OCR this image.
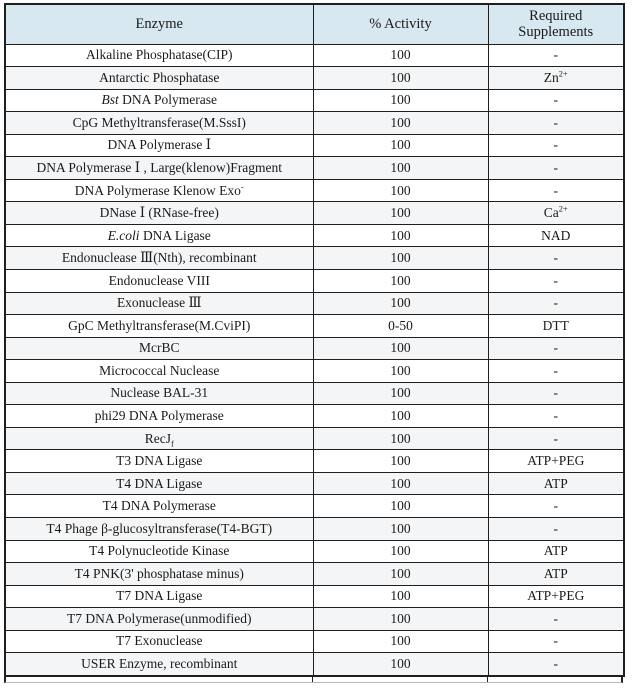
Enzyme	% Activity	Required Supplements
Alkaline Phosphatase(CIP)	100	-
Antarctic Phosphatase	100	$Zn^{2+}$
Bst DNA Polymerase	100	-
CpG Methyltransferase(M.SssI)	100	-
DNA Polymerase Ⅰ	100	-
DNA Polymerase Ⅰ , Large(klenow)Fragment	100	-
DNA Polymerase Klenow Exo-	100	-
DNase Ⅰ (RNase-free)	100	$Ca^{2+}$
E.coli DNA Ligase	100	NAD
Endonuclease Ⅲ(Nth), recombinant	100	-
Endonuclease VIII	100	-
Exonuclease Ⅲ	100	-
GpC Methyltransferase(M.CviPI)	0-50	DTT
McrBC	100	-
Micrococcal Nuclease	100	-
Nuclease BAL-31	100	-
phi29 DNA Polymerase	100	-
RecJ$_f$	100	-
T3 DNA Ligase	100	ATP+PEG
T4 DNA Ligase	100	ATP
T4 DNA Polymerase	100	-
T4 Phage β-glucosyltransferase(T4-BGT)	100	-
T4 Polynucleotide Kinase	100	ATP
T4 PNK(3' phosphatase minus)	100	ATP
T7 DNA Ligase	100	ATP+PEG
T7 DNA Polymerase(unmodified)	100	-
T7 Exonuclease	100	-
USER Enzyme, recombinant	100	-
